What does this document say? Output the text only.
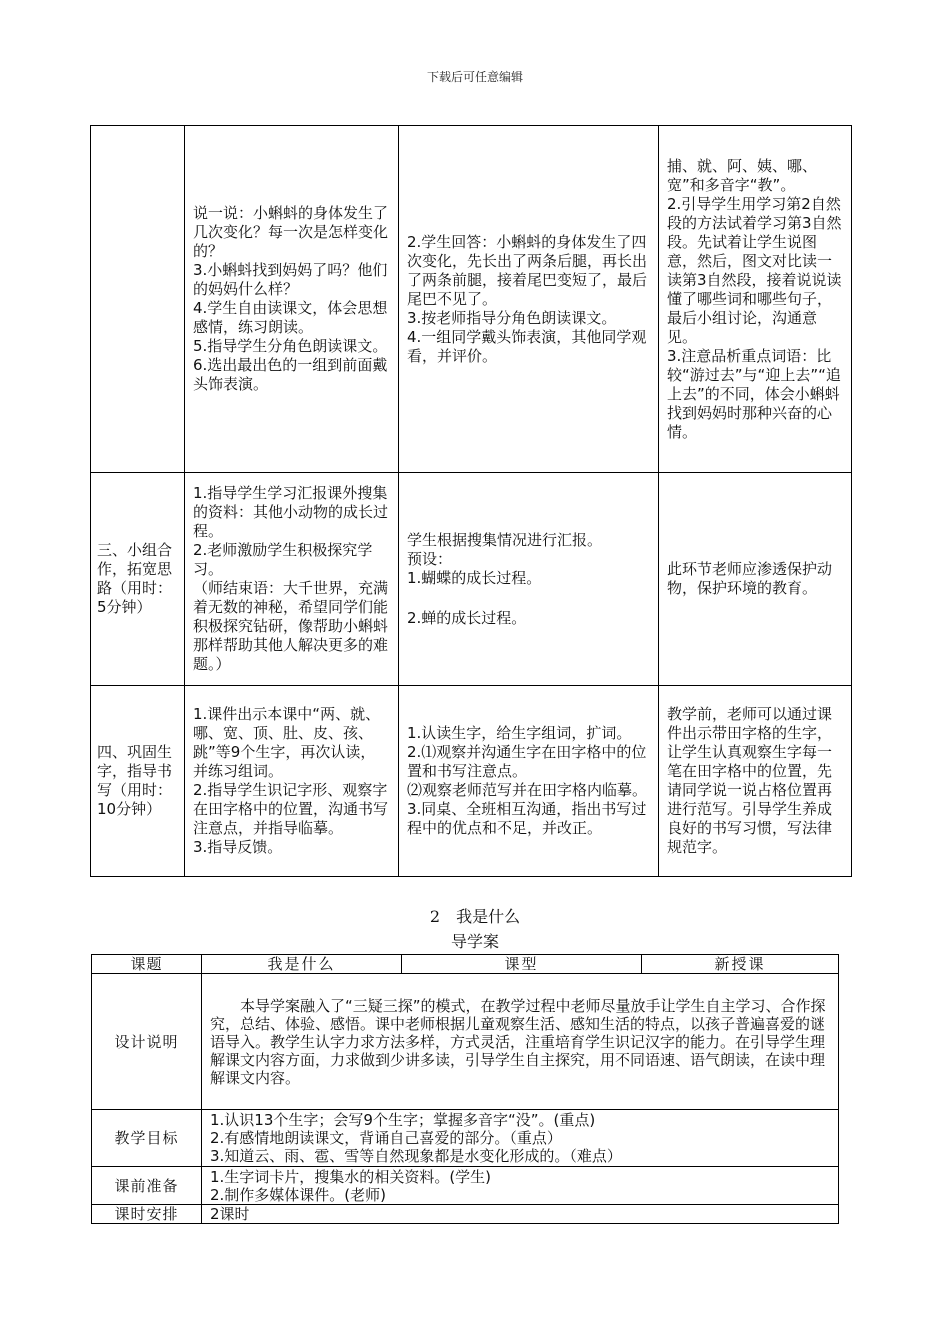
下载后可任意编辑

	说一说：小蝌蚪的身体发生了几次变化？每一次是怎样变化的？
3.小蝌蚪找到妈妈了吗？他们的妈妈什么样？
4.学生自由读课文，体会思想感情，练习朗读。
5.指导学生分角色朗读课文。
6.选出最出色的一组到前面戴头饰表演。	2.学生回答：小蝌蚪的身体发生了四次变化，先长出了两条后腿，再长出了两条前腿，接着尾巴变短了，最后尾巴不见了。
3.按老师指导分角色朗读课文。
4.一组同学戴头饰表演，其他同学观看，并评价。	捕、就、阿、姨、哪、宽”和多音字“教”。
2.引导学生用学习第2自然段的方法试着学习第3自然段。先试着让学生说图意，然后，图文对比读一读第3自然段，接着说说读懂了哪些词和哪些句子，最后小组讨论，沟通意见。
3.注意品析重点词语：比较“游过去”与“迎上去”“追上去”的不同，体会小蝌蚪找到妈妈时那种兴奋的心情。

三、小组合作，拓宽思路（用时：5分钟）	1.指导学生学习汇报课外搜集的资料：其他小动物的成长过程。
2.老师激励学生积极探究学习。
（师结束语：大千世界，充满着无数的神秘，希望同学们能积极探究钻研，像帮助小蝌蚪那样帮助其他人解决更多的难题。）	学生根据搜集情况进行汇报。
预设：
1.蝴蝶的成长过程。
2.蝉的成长过程。	此环节老师应渗透保护动物，保护环境的教育。

四、巩固生字，指导书写（用时：10分钟）	1.课件出示本课中“两、就、哪、宽、顶、肚、皮、孩、跳”等9个生字，再次认读，并练习组词。
2.指导学生识记字形、观察字在田字格中的位置，沟通书写注意点，并指导临摹。
3.指导反馈。	1.认读生字，给生字组词，扩词。
2.⑴观察并沟通生字在田字格中的位置和书写注意点。
⑵观察老师范写并在田字格内临摹。
3.同桌、全班相互沟通，指出书写过程中的优点和不足，并改正。	教学前，老师可以通过课件出示带田字格的生字，让学生认真观察生字每一笔在田字格中的位置，先请同学说一说占格位置再进行范写。引导学生养成良好的书写习惯，写法律规范字。
2　我是什么
导学案
课题	我是什么	课型	新授课
设计说明	本导学案融入了“三疑三探”的模式，在教学过程中老师尽量放手让学生自主学习、合作探究，总结、体验、感悟。课中老师根据儿童观察生活、感知生活的特点，以孩子普遍喜爱的谜语导入。教学生认字力求方法多样，方式灵活，注重培育学生识记汉字的能力。在引导学生理解课文内容方面，力求做到少讲多读，引导学生自主探究，用不同语速、语气朗读，在读中理解课文内容。		
教学目标	1.认识13个生字；会写9个生字；掌握多音字“没”。(重点)
2.有感情地朗读课文，背诵自己喜爱的部分。（重点）
3.知道云、雨、雹、雪等自然现象都是水变化形成的。（难点）		

课前准备	1.生字词卡片，搜集水的相关资料。(学生)
2.制作多媒体课件。(老师)		

课时安排	2课时		
